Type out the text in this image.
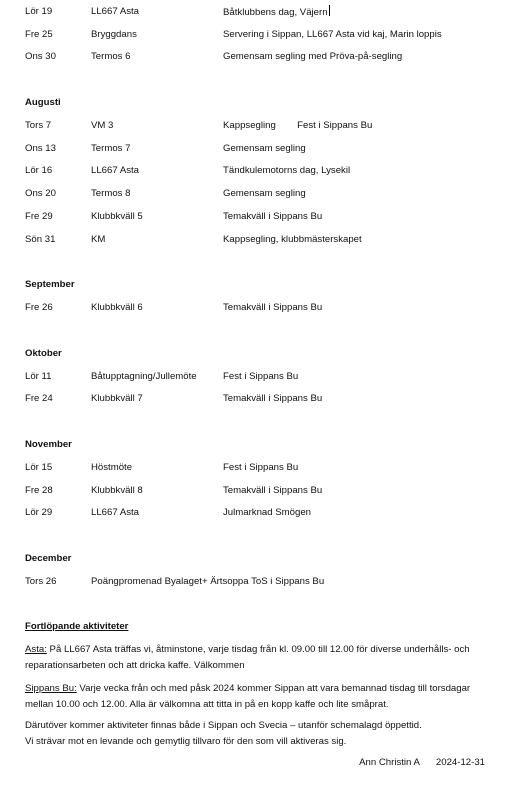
Lör 19	LL667 Asta	Båtklubbens dag, Väjern
Fre 25	Bryggdans	Servering i Sippan, LL667 Asta vid kaj, Marin loppis
Ons 30	Termos 6	Gemensam segling med Pröva-på-segling
Augusti
Tors 7	VM 3	Kappsegling        Fest i Sippans Bu
Ons 13	Termos 7	Gemensam segling
Lör 16	LL667 Asta	Tändkulemotorns dag, Lysekil
Ons 20	Termos 8	Gemensam segling
Fre 29	Klubbkväll 5	Temakväll i Sippans Bu
Sön 31	KM	Kappsegling, klubbmästerskapet
September
Fre 26	Klubbkväll 6	Temakväll i Sippans Bu
Oktober
Lör 11	Båtupptagning/Jullemöte	Fest i Sippans Bu
Fre 24	Klubbkväll 7	Temakväll i Sippans Bu
November
Lör 15	Höstmöte	Fest i Sippans Bu
Fre 28	Klubbkväll 8	Temakväll i Sippans Bu
Lör 29	LL667 Asta	Julmarknad Smögen
December
Tors 26	Poängpromenad Byalaget+ Ärtsoppa ToS i Sippans Bu
Fortlöpande aktiviteter
Asta: På LL667 Asta träffas vi, åtminstone, varje tisdag från kl. 09.00 till 12.00 för diverse underhålls- och reparationsarbeten och att dricka kaffe. Välkommen
Sippans Bu: Varje vecka från och med påsk 2024 kommer Sippan att vara bemannad tisdag till torsdagar mellan 10.00 och 12.00. Alla är välkomna att titta in på en kopp kaffe och lite småprat.
Därutöver kommer aktiviteter finnas både i Sippan och Svecia – utanför schemalagd öppettid.
Vi strävar mot en levande och gemytlig tillvaro för den som vill aktiveras sig.
Ann Christin A 2024-12-31
